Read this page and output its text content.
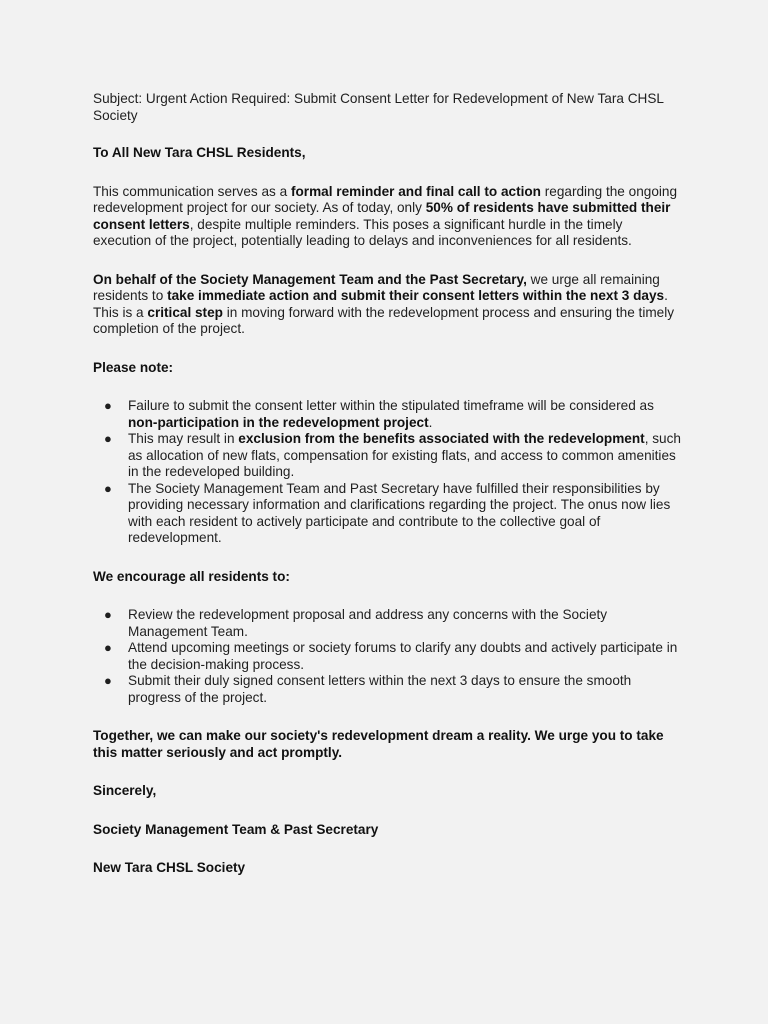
Subject: Urgent Action Required: Submit Consent Letter for Redevelopment of New Tara CHSL Society

To All New Tara CHSL Residents,

This communication serves as a formal reminder and final call to action regarding the ongoing redevelopment project for our society. As of today, only 50% of residents have submitted their consent letters, despite multiple reminders. This poses a significant hurdle in the timely execution of the project, potentially leading to delays and inconveniences for all residents.

On behalf of the Society Management Team and the Past Secretary, we urge all remaining residents to take immediate action and submit their consent letters within the next 3 days. This is a critical step in moving forward with the redevelopment process and ensuring the timely completion of the project.

Please note:

● Failure to submit the consent letter within the stipulated timeframe will be considered as non-participation in the redevelopment project.
● This may result in exclusion from the benefits associated with the redevelopment, such as allocation of new flats, compensation for existing flats, and access to common amenities in the redeveloped building.
● The Society Management Team and Past Secretary have fulfilled their responsibilities by providing necessary information and clarifications regarding the project. The onus now lies with each resident to actively participate and contribute to the collective goal of redevelopment.

We encourage all residents to:

● Review the redevelopment proposal and address any concerns with the Society Management Team.
● Attend upcoming meetings or society forums to clarify any doubts and actively participate in the decision-making process.
● Submit their duly signed consent letters within the next 3 days to ensure the smooth progress of the project.

Together, we can make our society's redevelopment dream a reality. We urge you to take this matter seriously and act promptly.

Sincerely,

Society Management Team & Past Secretary

New Tara CHSL Society
